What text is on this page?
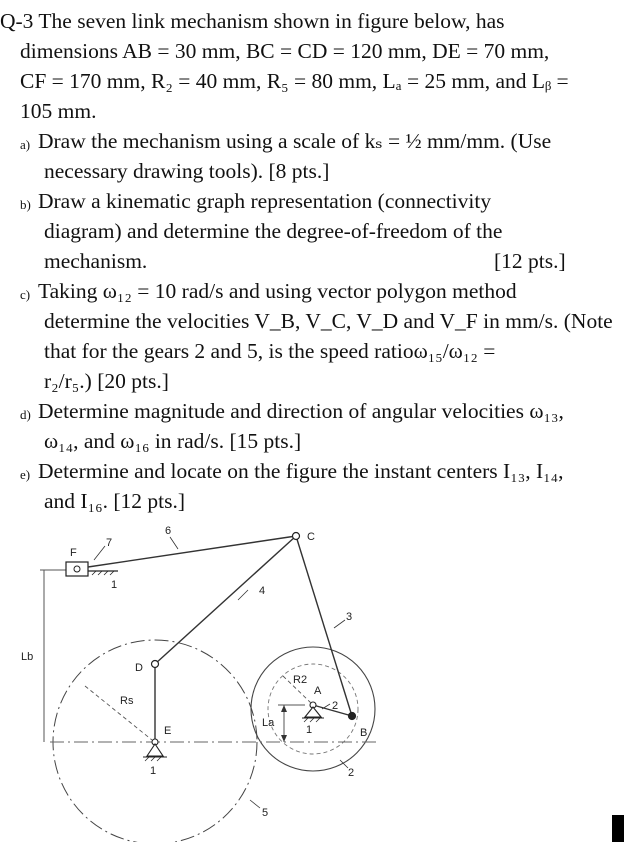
Q-3 The seven link mechanism shown in figure below, has
dimensions AB = 30 mm, BC = CD = 120 mm, DE = 70 mm,
CF = 170 mm, R₂ = 40 mm, R₅ = 80 mm, Lₐ = 25 mm, and Lᵦ =
105 mm.
a) Draw the mechanism using a scale of kₛ = ½ mm/mm. (Use
necessary drawing tools). [8 pts.]
b) Draw a kinematic graph representation (connectivity
diagram) and determine the degree-of-freedom of the
mechanism.	[12 pts.]
c) Taking ω₁₂ = 10 rad/s and using vector polygon method
determine the velocities V_B, V_C, V_D and V_F in mm/s. (Note
that for the gears 2 and 5, is the speed ratioω₁₅/ω₁₂ =
r₂/r₅.) [20 pts.]
d) Determine magnitude and direction of angular velocities ω₁₃,
ω₁₄, and ω₁₆ in rad/s. [15 pts.]
e) Determine and locate on the figure the instant centers I₁₃, I₁₄,
and I₁₆. [12 pts.]
F
7
1
6	C
4
3
Lb
D
Rs
E
1
R2
A
2
La
1	B
2
5
